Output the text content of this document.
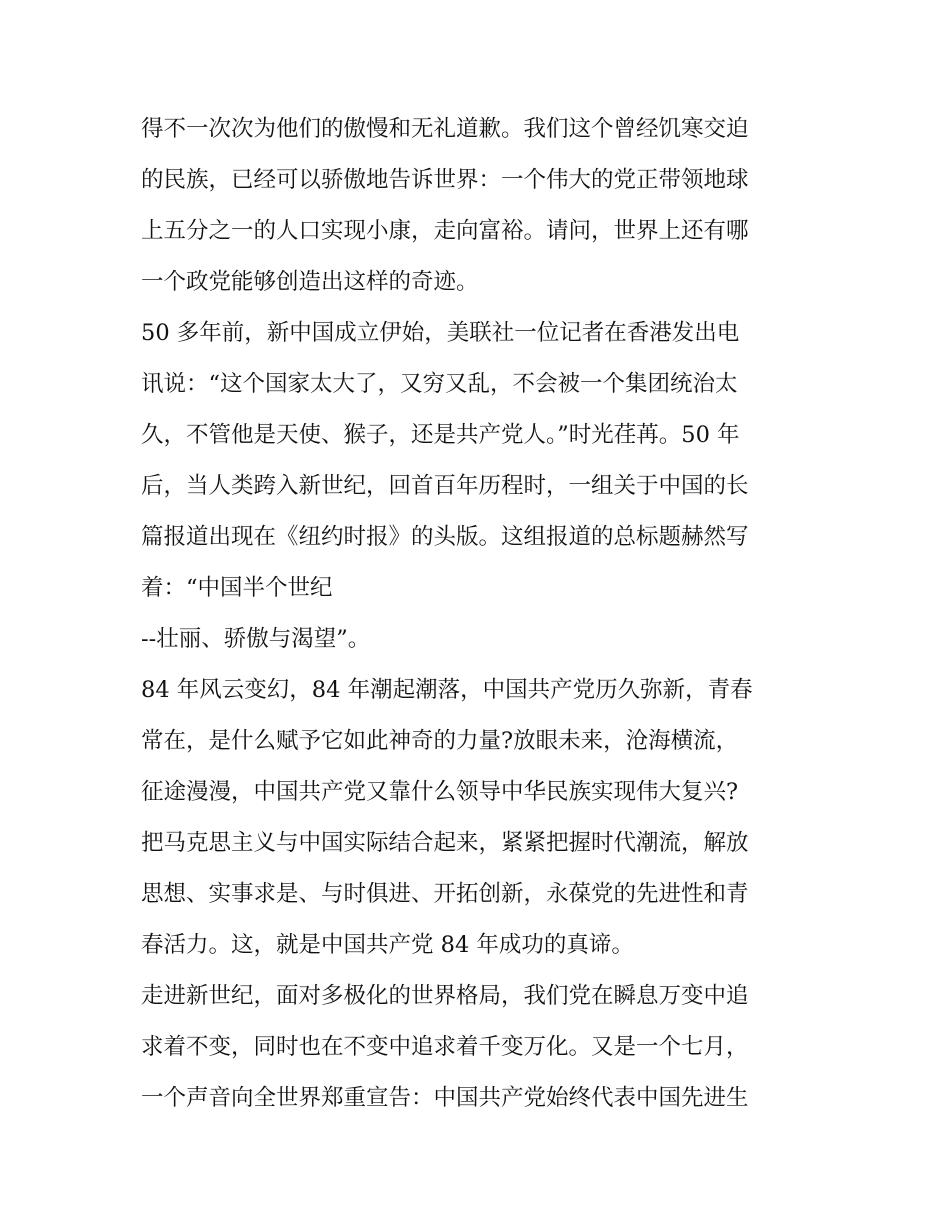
得不一次次为他们的傲慢和无礼道歉。我们这个曾经饥寒交迫
的民族，已经可以骄傲地告诉世界：一个伟大的党正带领地球
上五分之一的人口实现小康，走向富裕。请问，世界上还有哪
一个政党能够创造出这样的奇迹。
50 多年前，新中国成立伊始，美联社一位记者在香港发出电
讯说：“这个国家太大了，又穷又乱，不会被一个集团统治太
久，不管他是天使、猴子，还是共产党人。”时光荏苒。50 年
后，当人类跨入新世纪，回首百年历程时，一组关于中国的长
篇报道出现在《纽约时报》的头版。这组报道的总标题赫然写
着：“中国半个世纪
--壮丽、骄傲与渴望”。
84 年风云变幻，84 年潮起潮落，中国共产党历久弥新，青春
常在，是什么赋予它如此神奇的力量?放眼未来，沧海横流，
征途漫漫，中国共产党又靠什么领导中华民族实现伟大复兴?
把马克思主义与中国实际结合起来，紧紧把握时代潮流，解放
思想、实事求是、与时俱进、开拓创新，永葆党的先进性和青
春活力。这，就是中国共产党 84 年成功的真谛。
走进新世纪，面对多极化的世界格局，我们党在瞬息万变中追
求着不变，同时也在不变中追求着千变万化。又是一个七月，
一个声音向全世界郑重宣告：中国共产党始终代表中国先进生
